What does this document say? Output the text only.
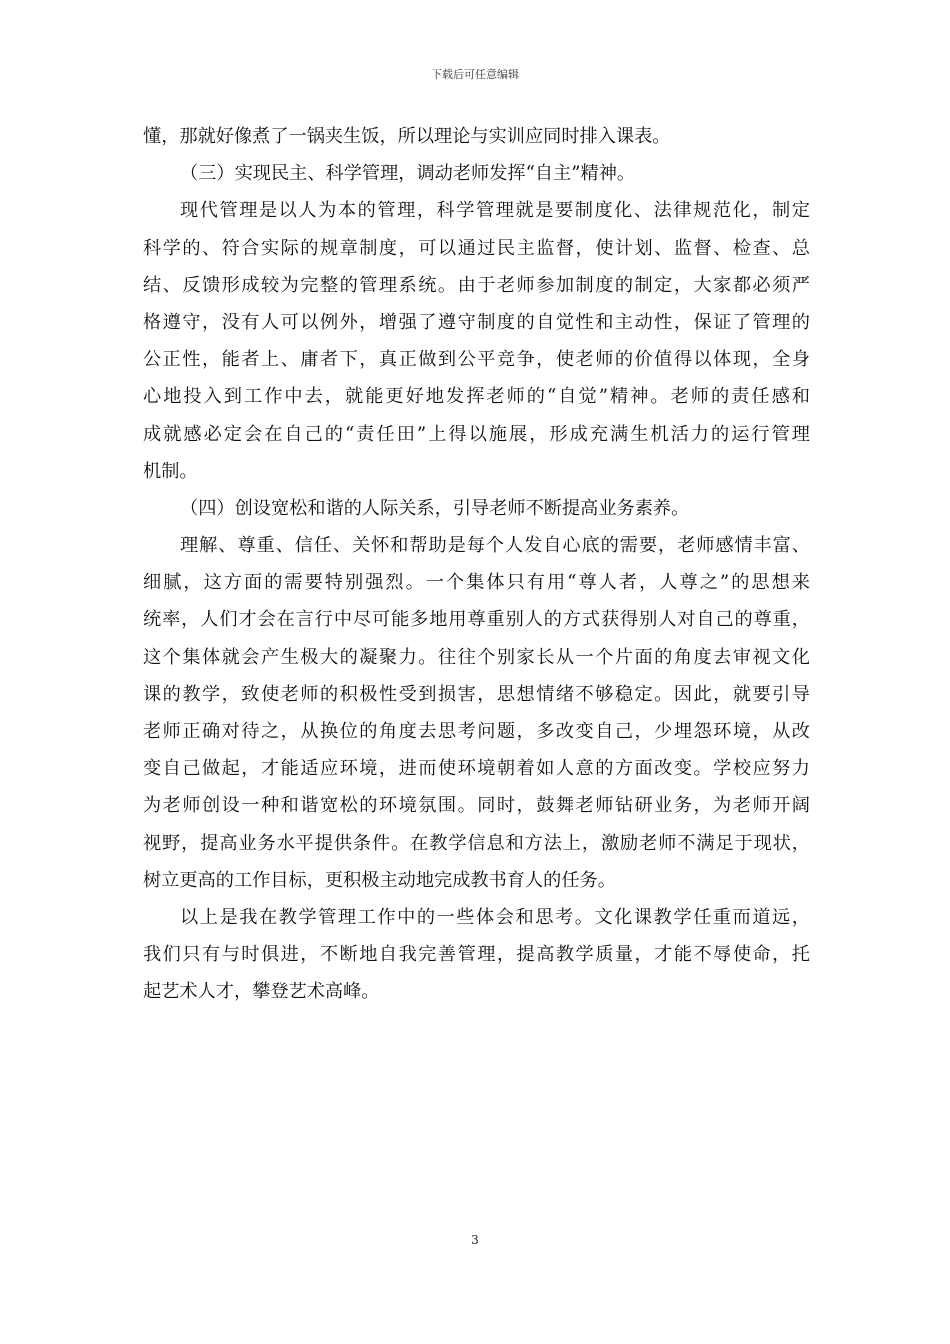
下载后可任意编辑
懂，那就好像煮了一锅夹生饭，所以理论与实训应同时排入课表。
（三）实现民主、科学管理，调动老师发挥“自主”精神。
现代管理是以人为本的管理，科学管理就是要制度化、法律规范化，制定
科学的、符合实际的规章制度，可以通过民主监督，使计划、监督、检查、总
结、反馈形成较为完整的管理系统。由于老师参加制度的制定，大家都必须严
格遵守，没有人可以例外，增强了遵守制度的自觉性和主动性，保证了管理的
公正性，能者上、庸者下，真正做到公平竞争，使老师的价值得以体现，全身
心地投入到工作中去，就能更好地发挥老师的“自觉”精神。老师的责任感和
成就感必定会在自己的“责任田”上得以施展，形成充满生机活力的运行管理
机制。
（四）创设宽松和谐的人际关系，引导老师不断提高业务素养。
理解、尊重、信任、关怀和帮助是每个人发自心底的需要，老师感情丰富、
细腻，这方面的需要特别强烈。一个集体只有用“尊人者，人尊之”的思想来
统率，人们才会在言行中尽可能多地用尊重别人的方式获得别人对自己的尊重，
这个集体就会产生极大的凝聚力。往往个别家长从一个片面的角度去审视文化
课的教学，致使老师的积极性受到损害，思想情绪不够稳定。因此，就要引导
老师正确对待之，从换位的角度去思考问题，多改变自己，少埋怨环境，从改
变自己做起，才能适应环境，进而使环境朝着如人意的方面改变。学校应努力
为老师创设一种和谐宽松的环境氛围。同时，鼓舞老师钻研业务，为老师开阔
视野，提高业务水平提供条件。在教学信息和方法上，激励老师不满足于现状，
树立更高的工作目标，更积极主动地完成教书育人的任务。
以上是我在教学管理工作中的一些体会和思考。文化课教学任重而道远，
我们只有与时俱进，不断地自我完善管理，提高教学质量，才能不辱使命，托
起艺术人才，攀登艺术高峰。
3
